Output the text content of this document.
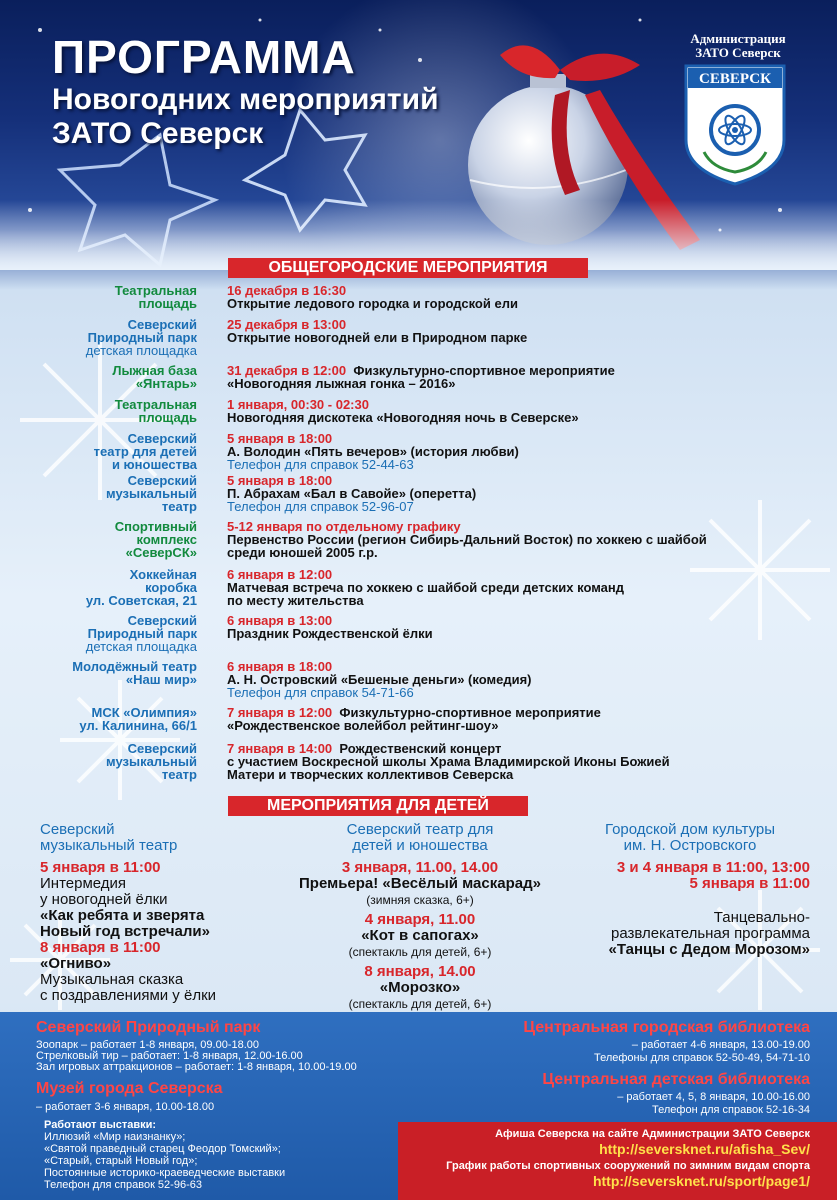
ПРОГРАММА
Новогодних мероприятий
ЗАТО Северск
Администрация
ЗАТО Северск
СЕВЕРСК
ОБЩЕГОРОДСКИЕ МЕРОПРИЯТИЯ
Театральная
площадь
16 декабря в 16:30
Открытие ледового городка и городской ели
Северский
Природный парк
детская площадка
25 декабря в 13:00
Открытие новогодней ели в Природном парке
Лыжная база
«Янтарь»
31 декабря в 12:00 Физкультурно-спортивное мероприятие
«Новогодняя лыжная гонка – 2016»
Театральная
площадь
1 января, 00:30 - 02:30
Новогодняя дискотека «Новогодняя ночь в Северске»
Северский
театр для детей
и юношества
5 января в 18:00
А. Володин «Пять вечеров» (история любви)
Телефон для справок 52-44-63
Северский
музыкальный
театр
5 января в 18:00
П. Абрахам «Бал в Савойе» (оперетта)
Телефон для справок 52-96-07
Спортивный
комплекс
«СеверСК»
5-12 января по отдельному графику
Первенство России (регион Сибирь-Дальний Восток) по хоккею с шайбой
среди юношей 2005 г.р.
Хоккейная
коробка
ул. Советская, 21
6 января в 12:00
Матчевая встреча по хоккею с шайбой среди детских команд
по месту жительства
Северский
Природный парк
детская площадка
6 января в 13:00
Праздник Рождественской ёлки
Молодёжный театр
«Наш мир»
6 января в 18:00
А. Н. Островский «Бешеные деньги» (комедия)
Телефон для справок 54-71-66
МСК «Олимпия»
ул. Калинина, 66/1
7 января в 12:00 Физкультурно-спортивное мероприятие
«Рождественское волейбол рейтинг-шоу»
Северский
музыкальный
театр
7 января в 14:00 Рождественский концерт
с участием Воскресной школы Храма Владимирской Иконы Божией
Матери и творческих коллективов Северска
МЕРОПРИЯТИЯ ДЛЯ ДЕТЕЙ
Северский
музыкальный театр
5 января в 11:00
Интермедия
у новогодней ёлки
«Как ребята и зверята
Новый год встречали»
8 января в 11:00
«Огниво»
Музыкальная сказка
с поздравлениями у ёлки
Северский театр для
детей и юношества
3 января, 11.00, 14.00
Премьера! «Весёлый маскарад»
(зимняя сказка, 6+)
4 января, 11.00
«Кот в сапогах»
(спектакль для детей, 6+)
8 января, 14.00
«Морозко»
(спектакль для детей, 6+)
Городской дом культуры
им. Н. Островского
3 и 4 января в 11:00, 13:00
5 января в 11:00
Танцевально-
развлекательная программа
«Танцы с Дедом Морозом»
Северский Природный парк
Зоопарк – работает 1-8 января, 09.00-18.00
Стрелковый тир – работает: 1-8 января, 12.00-16.00
Зал игровых аттракционов – работает: 1-8 января, 10.00-19.00
Музей города Северска
– работает 3-6 января, 10.00-18.00
Работают выставки:
Иллюзий «Мир наизнанку»;
«Святой праведный старец Феодор Томский»;
«Старый, старый Новый год»;
Постоянные историко-краеведческие выставки
Телефон для справок 52-96-63
Центральная городская библиотека
– работает 4-6 января, 13.00-19.00
Телефоны для справок 52-50-49, 54-71-10
Центральная детская библиотека
– работает 4, 5, 8 января, 10.00-16.00
Телефон для справок 52-16-34
Афиша Северска на сайте Администрации ЗАТО Северск
http://seversknet.ru/afisha_Sev/
График работы спортивных сооружений по зимним видам спорта
http://seversknet.ru/sport/page1/
